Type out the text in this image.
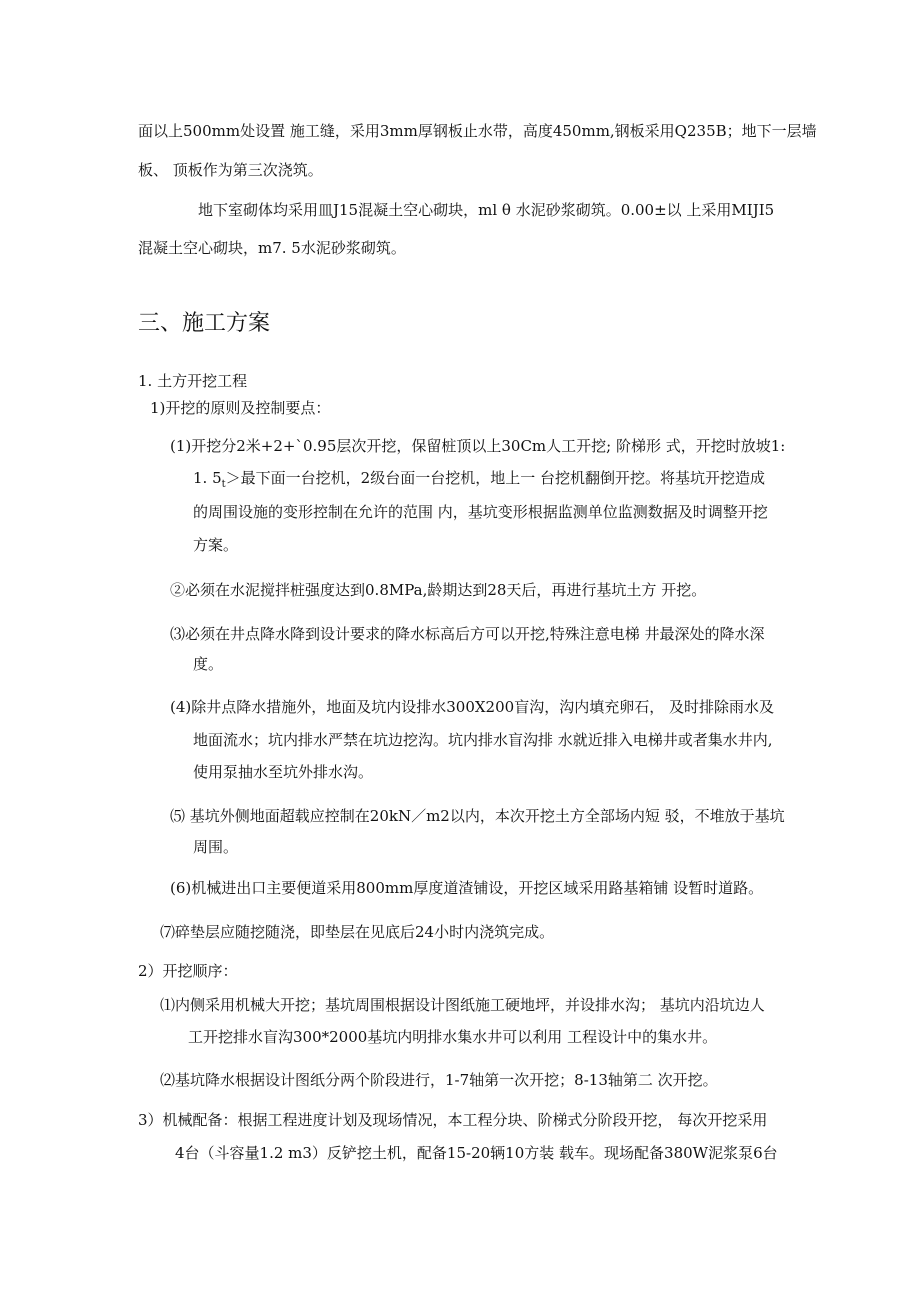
面以上500mm处设置 施工缝，采用3mm厚钢板止水带，高度450mm,钢板采用Q235B；地下一层墙
板、 顶板作为第三次浇筑。
地下室砌体均采用皿J15混凝土空心砌块，ml θ 水泥砂浆砌筑。0.00±以 上采用MIJI5
混凝土空心砌块，m7. 5水泥砂浆砌筑。
三、施工方案
1. 土方开挖工程
1)开挖的原则及控制要点：
(1)开挖分2米+2+`0.95层次开挖，保留桩顶以上30Cm人工开挖; 阶梯形 式，开挖时放坡1:
1. $5_t>$最下面一台挖机，2级台面一台挖机，地上一 台挖机翻倒开挖。将基坑开挖造成
的周围设施的变形控制在允许的范围 内，基坑变形根据监测单位监测数据及时调整开挖
方案。
②必须在水泥搅拌桩强度达到0.8MPa,龄期达到28天后，再进行基坑土方 开挖。
⑶必须在井点降水降到设计要求的降水标高后方可以开挖,特殊注意电梯 井最深处的降水深
度。
(4)除井点降水措施外，地面及坑内设排水300X200盲沟，沟内填充卵石， 及时排除雨水及
地面流水；坑内排水严禁在坑边挖沟。坑内排水盲沟排 水就近排入电梯井或者集水井内,
使用泵抽水至坑外排水沟。
⑸ 基坑外侧地面超载应控制在20kN／m2以内，本次开挖土方全部场内短 驳，不堆放于基坑
周围。
(6)机械进出口主要便道采用800mm厚度道渣铺设，开挖区域采用路基箱铺 设暂时道路。
⑺碎垫层应随挖随浇，即垫层在见底后24小时内浇筑完成。
2）开挖顺序：
⑴内侧采用机械大开挖；基坑周围根据设计图纸施工硬地坪，并设排水沟； 基坑内沿坑边人
工开挖排水盲沟300*2000基坑内明排水集水井可以利用 工程设计中的集水井。
⑵基坑降水根据设计图纸分两个阶段进行，1-7轴第一次开挖；8-13轴第二 次开挖。
3）机械配备：根据工程进度计划及现场情况，本工程分块、阶梯式分阶段开挖， 每次开挖采用
4台（斗容量1.2 m3）反铲挖土机，配备15-20辆10方装 载车。现场配备380W泥浆泵6台
